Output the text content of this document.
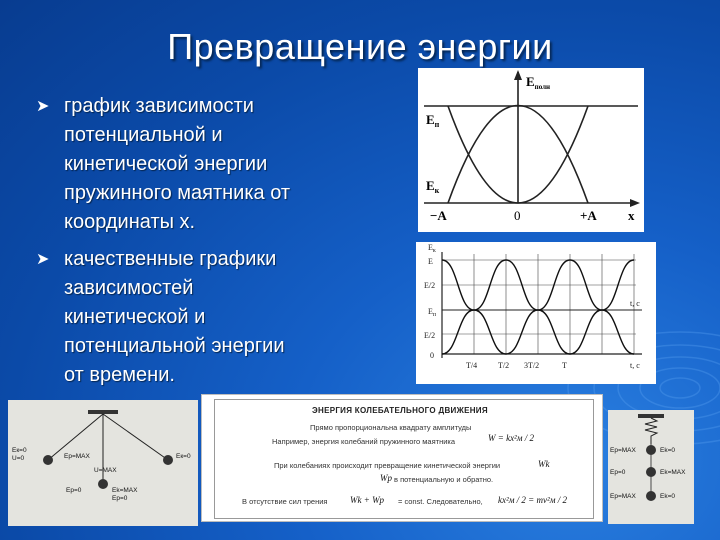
Превращение энергии
➤ график зависимости
потенциальной и
кинетической энергии
пружинного маятника от
координаты x.
➤ качественные графики
зависимостей
кинетической и
потенциальной энергии
от времени.
$Е_{полн}$
$Е_п$
$Е_к$
−А	0	+А x
$Е_к$
Е
Е/2
$Е_п$
Е/2
0
t, c
T/4	T/2 3T/2	T	t, c
Ек=0
U=0	Ep=MAX	Ек=0
U=MAX
Ep=0	Ek=MAX
Ep=0
ЭНЕРГИЯ КОЛЕБАТЕЛЬНОГО ДВИЖЕНИЯ
Прямо пропорциональна квадрату амплитуды
Например, энергия колебаний пружинного маятника	W = kx²м / 2
При колебаниях происходит превращение кинетической энергии	Wk
в потенциальную и обратно.
Wp
В отсутствие сил трения	Wk + Wp = const. Следовательно, kx²м / 2 = mv²м / 2
Ep=MAX	Ek=0
Ep=0	Ek=MAX
Ep=MAX	Ek=0
